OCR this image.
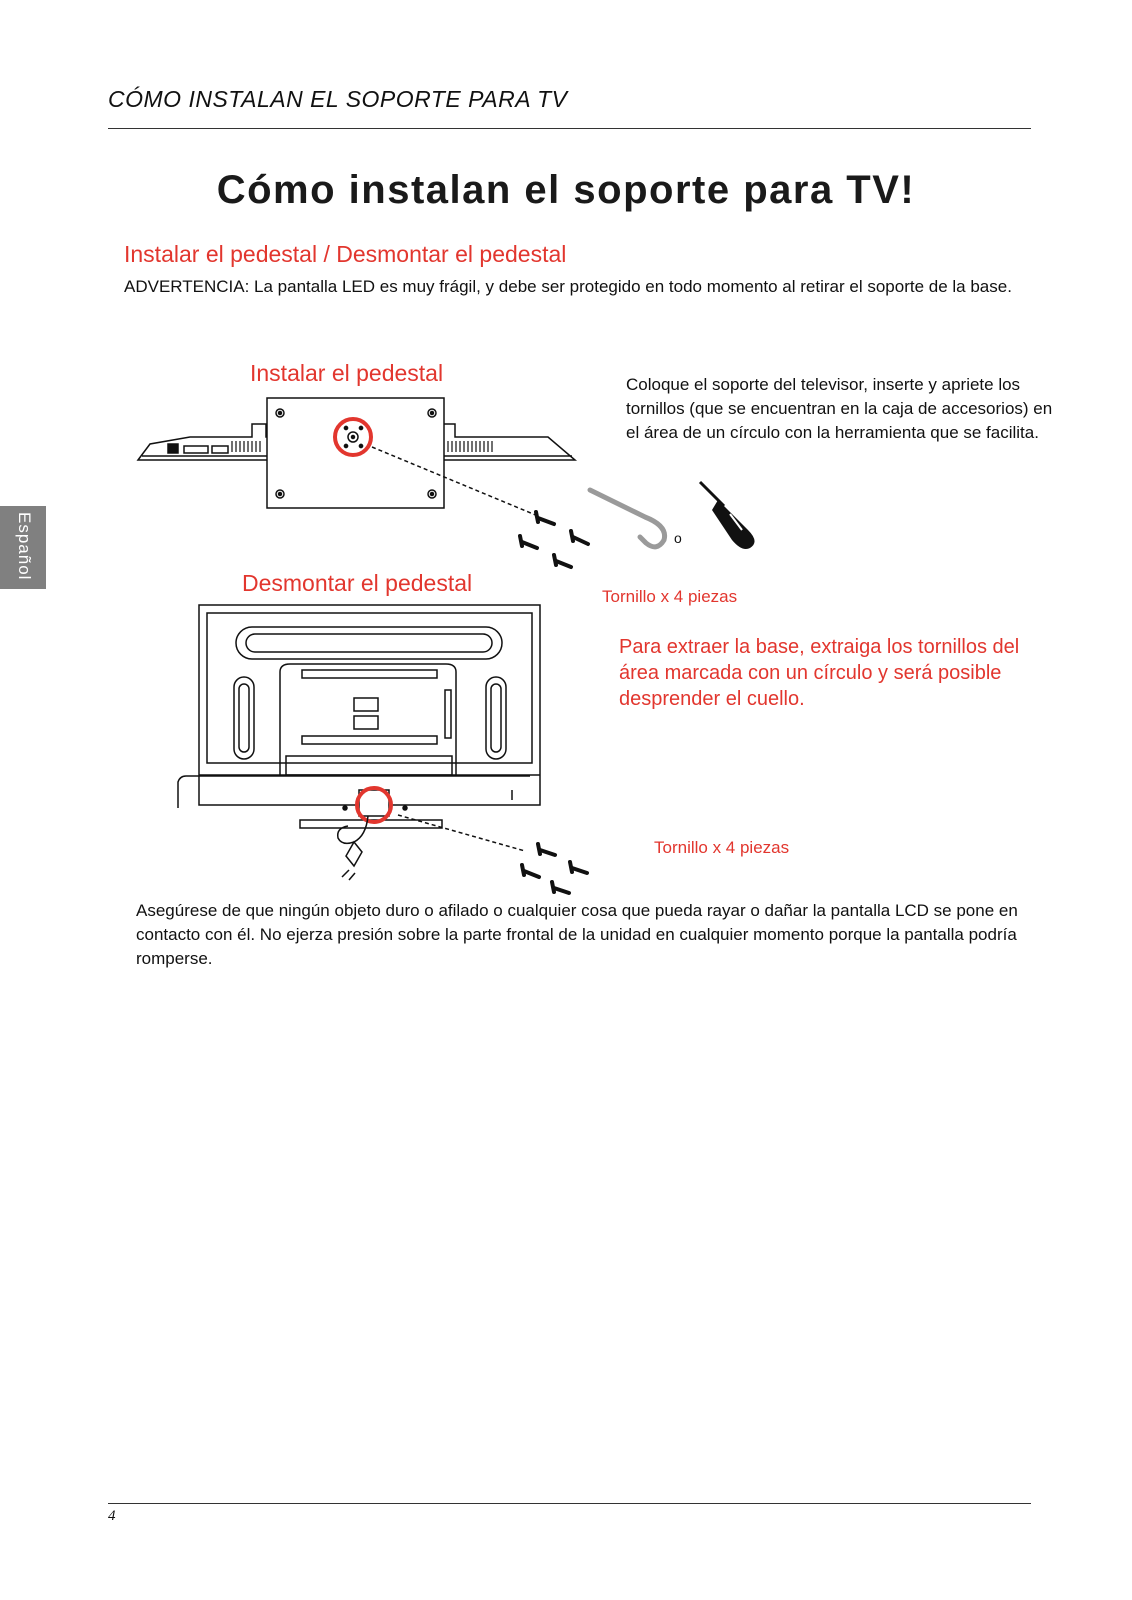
CÓMO INSTALAN EL SOPORTE PARA TV
Cómo instalan el soporte para TV!
Instalar el pedestal / Desmontar el pedestal
ADVERTENCIA: La pantalla LED es muy frágil, y debe ser protegido en todo momento al retirar el soporte de la base.
Español
Instalar el pedestal	Coloque el soporte del televisor, inserte y apriete los tornillos (que se encuentran en la caja de accesorios) en el área de un círculo con la herramienta que se facilita.
o
Tornillo x 4 piezas
Desmontar el pedestal
Para extraer la base, extraiga los tornillos del área marcada con un círculo y será posible desprender el cuello.
Tornillo x 4 piezas
Asegúrese de que ningún objeto duro o afilado o cualquier cosa que pueda rayar o dañar la pantalla LCD se pone en contacto con él. No ejerza presión sobre la parte frontal de la unidad en cualquier momento porque la pantalla podría romperse.
4
